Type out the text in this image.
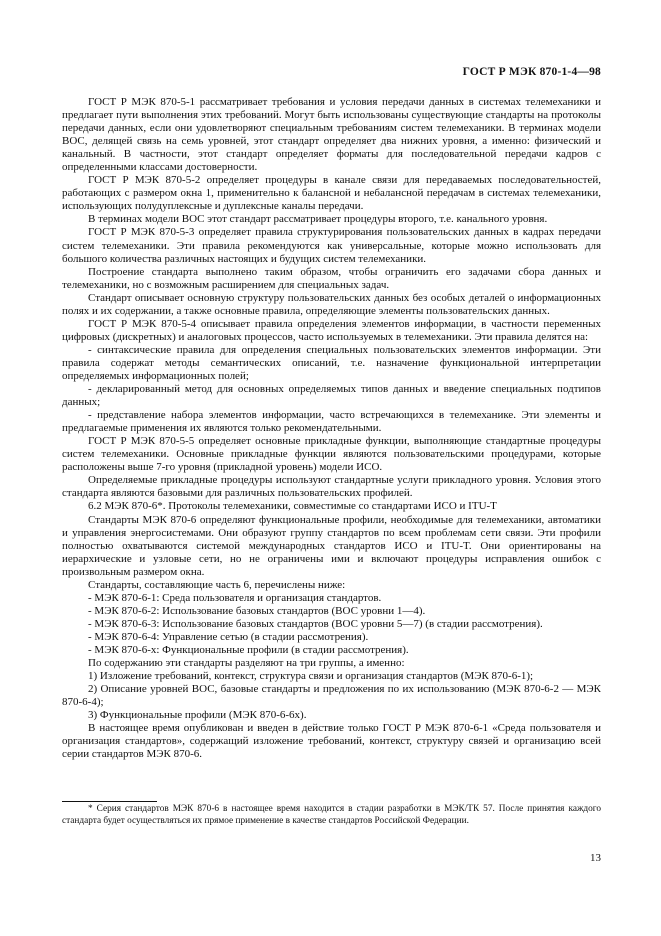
ГОСТ Р МЭК 870-1-4—98

ГОСТ Р МЭК 870-5-1 рассматривает требования и условия передачи данных в системах телемеханики и предлагает пути выполнения этих требований. Могут быть использованы существующие стандарты на протоколы передачи данных, если они удовлетворяют специальным требованиям систем телемеханики. В терминах модели ВОС, делящей связь на семь уровней, этот стандарт определяет два нижних уровня, а именно: физический и канальный. В частности, этот стандарт определяет форматы для последовательной передачи кадров с определенными классами достоверности.

ГОСТ Р МЭК 870-5-2 определяет процедуры в канале связи для передаваемых последовательностей, работающих с размером окна 1, применительно к балансной и небалансной передачам в системах телемеханики, использующих полудуплексные и дуплексные каналы передачи.

В терминах модели ВОС этот стандарт рассматривает процедуры второго, т.е. канального уровня.

ГОСТ Р МЭК 870-5-3 определяет правила структурирования пользовательских данных в кадрах передачи систем телемеханики. Эти правила рекомендуются как универсальные, которые можно использовать для большого количества различных настоящих и будущих систем телемеханики.

Построение стандарта выполнено таким образом, чтобы ограничить его задачами сбора данных и телемеханики, но с возможным расширением для специальных задач.

Стандарт описывает основную структуру пользовательских данных без особых деталей о информационных полях и их содержании, а также основные правила, определяющие элементы пользовательских данных.

ГОСТ Р МЭК 870-5-4 описывает правила определения элементов информации, в частности переменных цифровых (дискретных) и аналоговых процессов, часто используемых в телемеханики. Эти правила делятся на:

- синтаксические правила для определения специальных пользовательских элементов информации. Эти правила содержат методы семантических описаний, т.е. назначение функциональной интерпретации определяемых информационных полей;

- декларированный метод для основных определяемых типов данных и введение специальных подтипов данных;

- представление набора элементов информации, часто встречающихся в телемеханике. Эти элементы и предлагаемые применения их являются только рекомендательными.

ГОСТ Р МЭК 870-5-5 определяет основные прикладные функции, выполняющие стандартные процедуры систем телемеханики. Основные прикладные функции являются пользовательскими процедурами, которые расположены выше 7-го уровня (прикладной уровень) модели ИСО.

Определяемые прикладные процедуры используют стандартные услуги прикладного уровня. Условия этого стандарта являются базовыми для различных пользовательских профилей.

6.2 МЭК 870-6*. Протоколы телемеханики, совместимые со стандартами ИСО и ITU-T

Стандарты МЭК 870-6 определяют функциональные профили, необходимые для телемеханики, автоматики и управления энергосистемами. Они образуют группу стандартов по всем проблемам сети связи. Эти профили полностью охватываются системой международных стандартов ИСО и ITU-T. Они ориентированы на иерархические и узловые сети, но не ограничены ими и включают процедуры исправления ошибок с произвольным размером окна.

Стандарты, составляющие часть 6, перечислены ниже:

- МЭК 870-6-1: Среда пользователя и организация стандартов.

- МЭК 870-6-2: Использование базовых стандартов (ВОС уровни 1—4).

- МЭК 870-6-3: Использование базовых стандартов (ВОС уровни 5—7) (в стадии рассмотрения).

- МЭК 870-6-4: Управление сетью (в стадии рассмотрения).

- МЭК 870-6-х: Функциональные профили (в стадии рассмотрения).

По содержанию эти стандарты разделяют на три группы, а именно:

1) Изложение требований, контекст, структура связи и организация стандартов (МЭК 870-6-1);

2) Описание уровней ВОС, базовые стандарты и предложения по их использованию (МЭК 870-6-2 — МЭК 870-6-4);

3) Функциональные профили (МЭК 870-6-6х).

В настоящее время опубликован и введен в действие только ГОСТ Р МЭК 870-6-1 «Среда пользователя и организация стандартов», содержащий изложение требований, контекст, структуру связей и организацию всей серии стандартов МЭК 870-6.

* Серия стандартов МЭК 870-6 в настоящее время находится в стадии разработки в МЭК/ТК 57. После принятия каждого стандарта будет осуществляться их прямое применение в качестве стандартов Российской Федерации.

13
